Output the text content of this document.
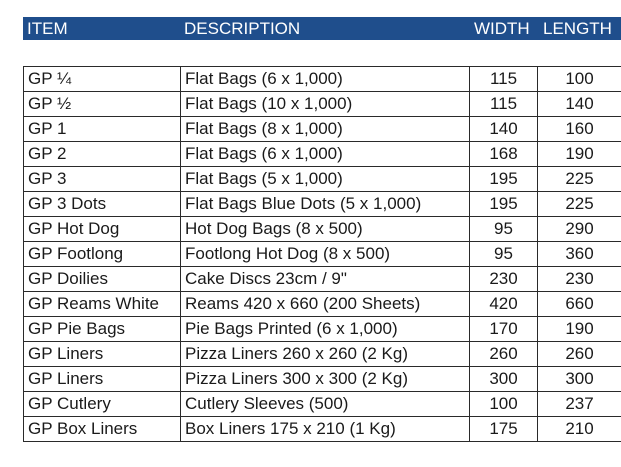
ITEM	DESCRIPTION	WIDTH LENGTH
GP ¼	Flat Bags (6 x 1,000)	115	100
GP ½	Flat Bags (10 x 1,000)	115	140
GP 1	Flat Bags (8 x 1,000)	140	160
GP 2	Flat Bags (6 x 1,000)	168	190
GP 3	Flat Bags (5 x 1,000)	195	225
GP 3 Dots	Flat Bags Blue Dots (5 x 1,000)	195	225
GP Hot Dog	Hot Dog Bags (8 x 500)	95	290
GP Footlong	Footlong Hot Dog (8 x 500)	95	360
GP Doilies	Cake Discs 23cm / 9"	230	230
GP Reams White	Reams 420 x 660 (200 Sheets)	420	660
GP Pie Bags	Pie Bags Printed (6 x 1,000)	170	190
GP Liners	Pizza Liners 260 x 260 (2 Kg)	260	260
GP Liners	Pizza Liners 300 x 300 (2 Kg)	300	300
GP Cutlery	Cutlery Sleeves (500)	100	237
GP Box Liners	Box Liners 175 x 210 (1 Kg)	175	210
